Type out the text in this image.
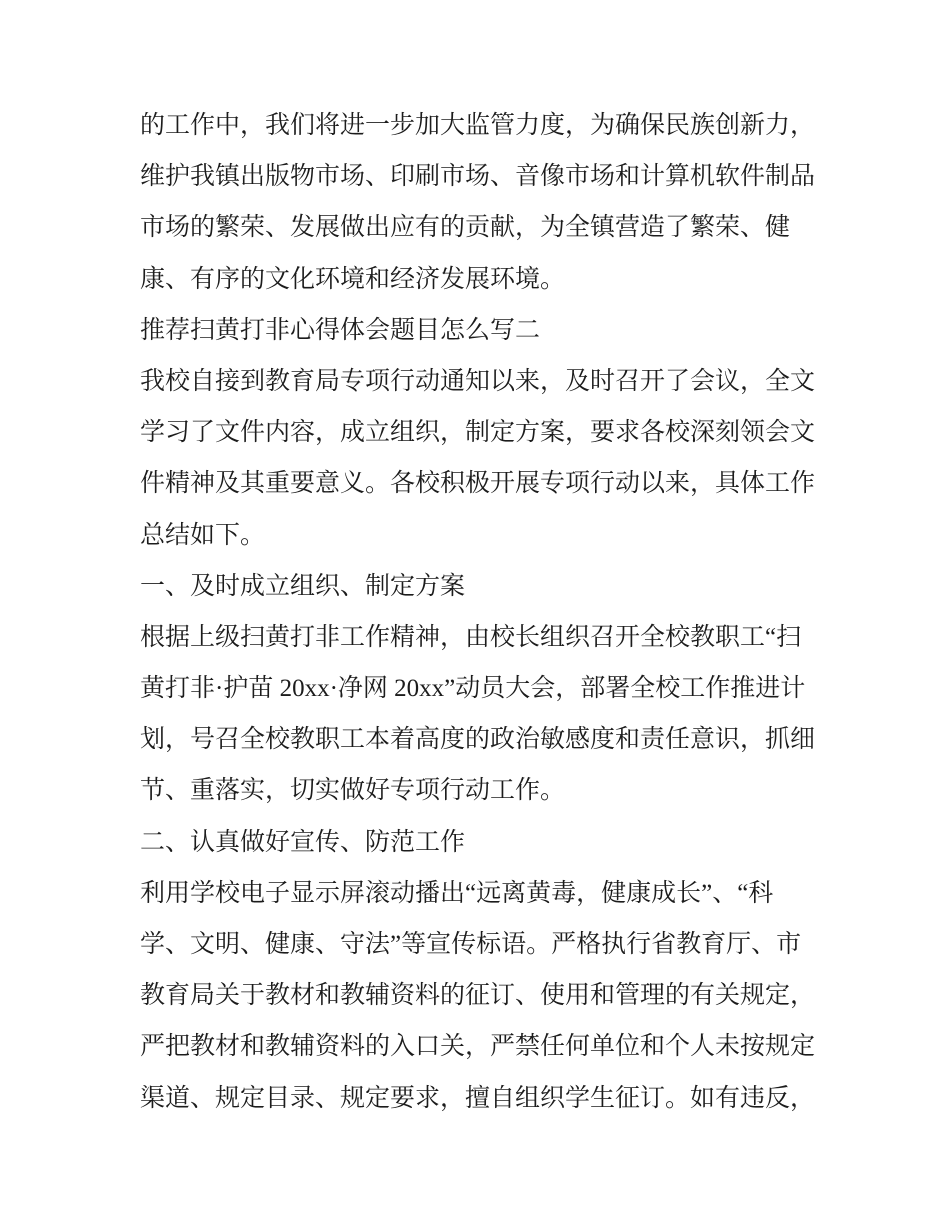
的工作中，我们将进一步加大监管力度，为确保民族创新力，
维护我镇出版物市场、印刷市场、音像市场和计算机软件制品
市场的繁荣、发展做出应有的贡献，为全镇营造了繁荣、健
康、有序的文化环境和经济发展环境。
推荐扫黄打非心得体会题目怎么写二
我校自接到教育局专项行动通知以来，及时召开了会议，全文
学习了文件内容，成立组织，制定方案，要求各校深刻领会文
件精神及其重要意义。各校积极开展专项行动以来，具体工作
总结如下。
一、及时成立组织、制定方案
根据上级扫黄打非工作精神，由校长组织召开全校教职工“扫
黄打非·护苗 20xx·净网 20xx”动员大会，部署全校工作推进计
划，号召全校教职工本着高度的政治敏感度和责任意识，抓细
节、重落实，切实做好专项行动工作。
二、认真做好宣传、防范工作
利用学校电子显示屏滚动播出“远离黄毒，健康成长”、“科
学、文明、健康、守法”等宣传标语。严格执行省教育厅、市
教育局关于教材和教辅资料的征订、使用和管理的有关规定，
严把教材和教辅资料的入口关，严禁任何单位和个人未按规定
渠道、规定目录、规定要求，擅自组织学生征订。如有违反，
